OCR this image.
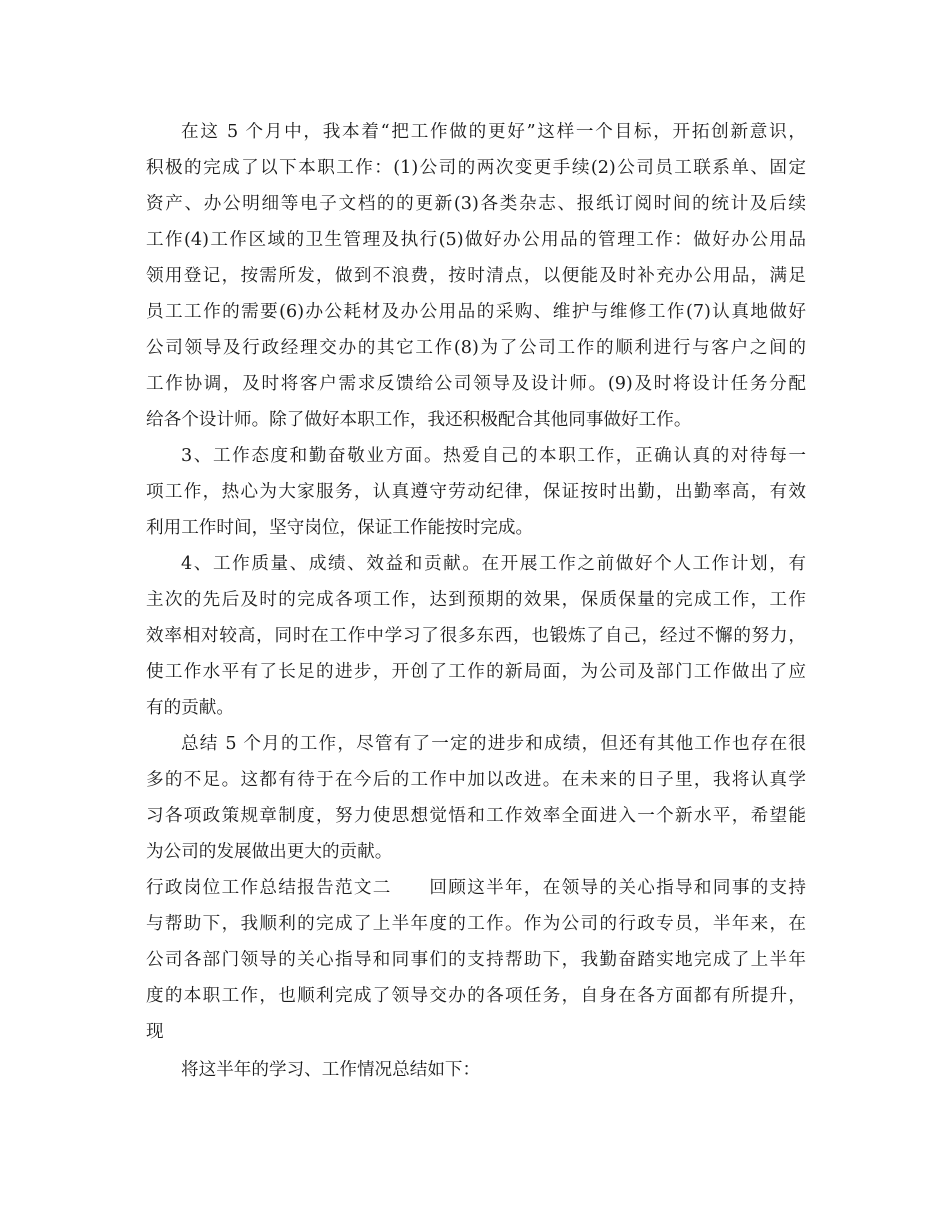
在这 5 个月中，我本着“把工作做的更好”这样一个目标，开拓创新意识，
积极的完成了以下本职工作：(1)公司的两次变更手续(2)公司员工联系单、固定
资产、办公明细等电子文档的的更新(3)各类杂志、报纸订阅时间的统计及后续
工作(4)工作区域的卫生管理及执行(5)做好办公用品的管理工作：做好办公用品
领用登记，按需所发，做到不浪费，按时清点，以便能及时补充办公用品，满足
员工工作的需要(6)办公耗材及办公用品的采购、维护与维修工作(7)认真地做好
公司领导及行政经理交办的其它工作(8)为了公司工作的顺利进行与客户之间的
工作协调，及时将客户需求反馈给公司领导及设计师。(9)及时将设计任务分配
给各个设计师。除了做好本职工作，我还积极配合其他同事做好工作。
3、工作态度和勤奋敬业方面。热爱自己的本职工作，正确认真的对待每一
项工作，热心为大家服务，认真遵守劳动纪律，保证按时出勤，出勤率高，有效
利用工作时间，坚守岗位，保证工作能按时完成。
4、工作质量、成绩、效益和贡献。在开展工作之前做好个人工作计划，有
主次的先后及时的完成各项工作，达到预期的效果，保质保量的完成工作，工作
效率相对较高，同时在工作中学习了很多东西，也锻炼了自己，经过不懈的努力，
使工作水平有了长足的进步，开创了工作的新局面，为公司及部门工作做出了应
有的贡献。
总结 5 个月的工作，尽管有了一定的进步和成绩，但还有其他工作也存在很
多的不足。这都有待于在今后的工作中加以改进。在未来的日子里，我将认真学
习各项政策规章制度，努力使思想觉悟和工作效率全面进入一个新水平，希望能
为公司的发展做出更大的贡献。
行政岗位工作总结报告范文二　　回顾这半年，在领导的关心指导和同事的支持
与帮助下，我顺利的完成了上半年度的工作。作为公司的行政专员，半年来，在
公司各部门领导的关心指导和同事们的支持帮助下，我勤奋踏实地完成了上半年
度的本职工作，也顺利完成了领导交办的各项任务，自身在各方面都有所提升，
现
将这半年的学习、工作情况总结如下：
